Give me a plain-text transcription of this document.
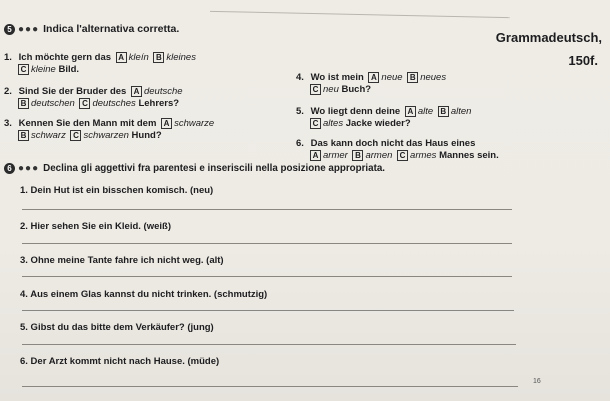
5 ●●● Indica l'alternativa corretta.
Grammadeutsch,
150f.
1. Ich möchte gern das A kleín B kleines
C kleine Bild.
2. Sind Sie der Bruder des A deutsche
B deutschen C deutsches Lehrers?
3. Kennen Sie den Mann mit dem A schwarze
B schwarz C schwarzen Hund?
4. Wo ist mein A neue B neues
C neu Buch?
5. Wo liegt denn deine A alte B alten
C altes Jacke wieder?
6. Das kann doch nicht das Haus eines
A armer B armen C armes Mannes sein.
6 ●●● Declina gli aggettivi fra parentesi e inseriscili nella posizione appropriata.
1. Dein Hut ist ein bisschen komisch. (neu)
2. Hier sehen Sie ein Kleid. (weiß)
3. Ohne meine Tante fahre ich nicht weg. (alt)
4. Aus einem Glas kannst du nicht trinken. (schmutzig)
5. Gibst du das bitte dem Verkäufer? (jung)
6. Der Arzt kommt nicht nach Hause. (müde)
16
